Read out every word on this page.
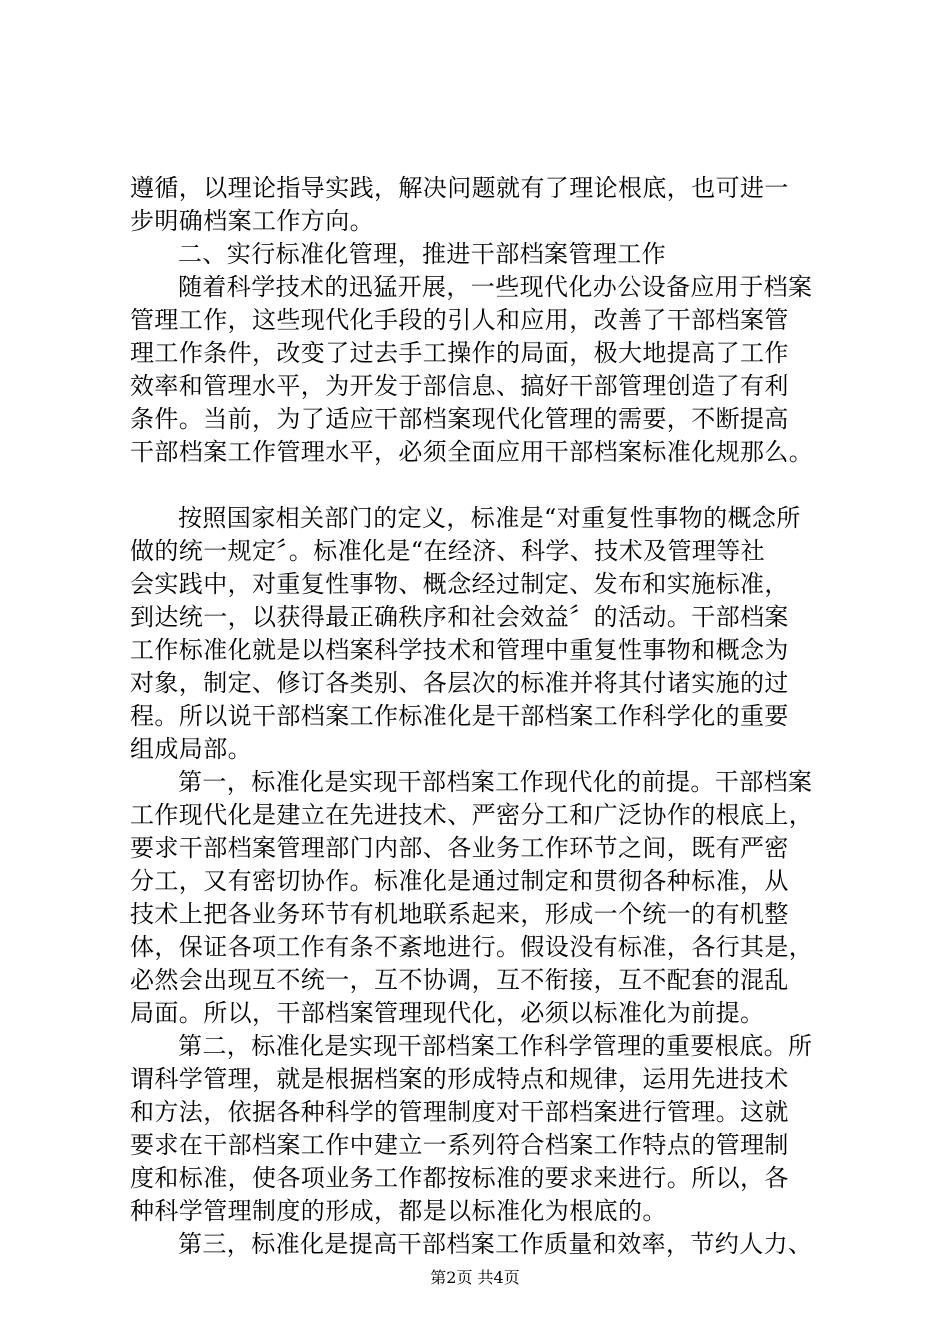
遵循，以理论指导实践，解决问题就有了理论根底，也可进一
步明确档案工作方向。
二、实行标准化管理，推进干部档案管理工作
随着科学技术的迅猛开展，一些现代化办公设备应用于档案
管理工作，这些现代化手段的引人和应用，改善了干部档案管
理工作条件，改变了过去手工操作的局面，极大地提高了工作
效率和管理水平，为开发于部信息、搞好干部管理创造了有利
条件。当前，为了适应干部档案现代化管理的需要，不断提高
干部档案工作管理水平，必须全面应用干部档案标准化规那么。
按照国家相关部门的定义，标准是“对重复性事物的概念所
做的统一规定〞。标准化是“在经济、科学、技术及管理等社
会实践中，对重复性事物、概念经过制定、发布和实施标准，
到达统一，以获得最正确秩序和社会效益〞的活动。干部档案
工作标准化就是以档案科学技术和管理中重复性事物和概念为
对象，制定、修订各类别、各层次的标准并将其付诸实施的过
程。所以说干部档案工作标准化是干部档案工作科学化的重要
组成局部。
第一，标准化是实现干部档案工作现代化的前提。干部档案
工作现代化是建立在先进技术、严密分工和广泛协作的根底上，
要求干部档案管理部门内部、各业务工作环节之间，既有严密
分工，又有密切协作。标准化是通过制定和贯彻各种标准，从
技术上把各业务环节有机地联系起来，形成一个统一的有机整
体，保证各项工作有条不紊地进行。假设没有标准，各行其是，
必然会出现互不统一，互不协调，互不衔接，互不配套的混乱
局面。所以，干部档案管理现代化，必须以标准化为前提。
第二，标准化是实现干部档案工作科学管理的重要根底。所
谓科学管理，就是根据档案的形成特点和规律，运用先进技术
和方法，依据各种科学的管理制度对干部档案进行管理。这就
要求在干部档案工作中建立一系列符合档案工作特点的管理制
度和标准，使各项业务工作都按标准的要求来进行。所以，各
种科学管理制度的形成，都是以标准化为根底的。
第三，标准化是提高干部档案工作质量和效率，节约人力、
第2页 共4页
